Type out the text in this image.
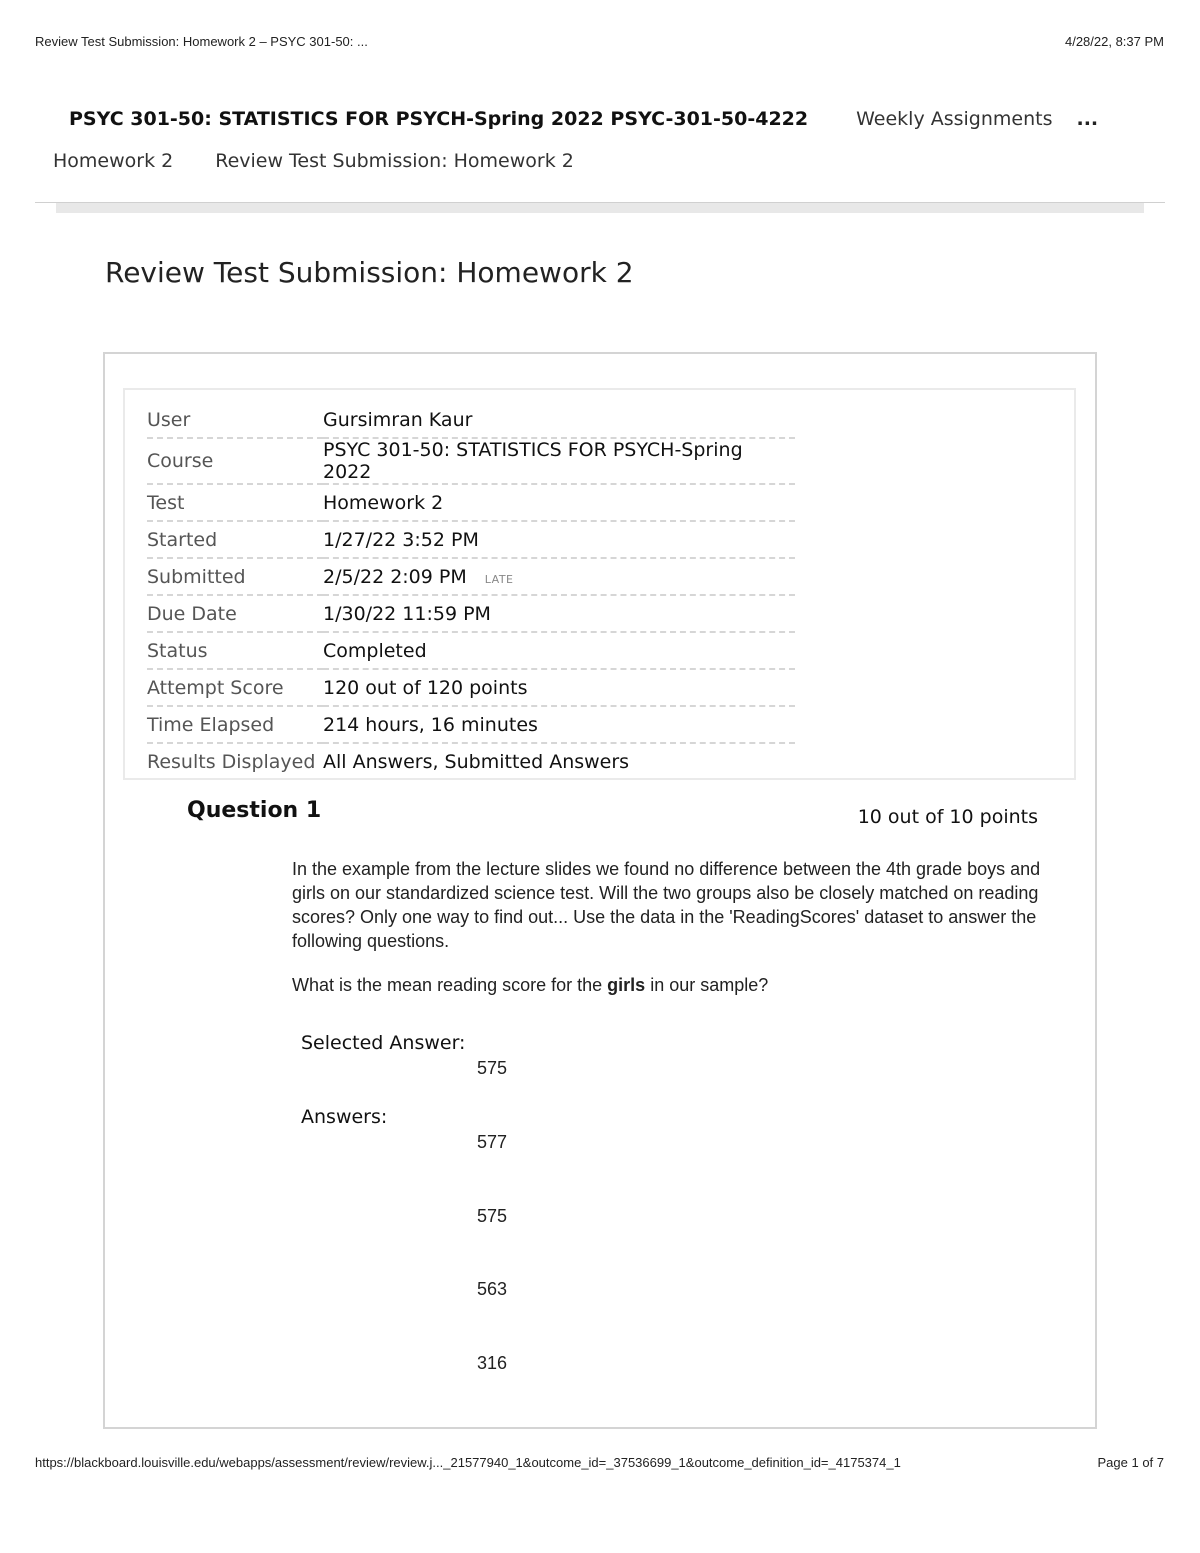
Review Test Submission: Homework 2 – PSYC 301-50: ...	4/28/22, 8:37 PM
PSYC 301-50: STATISTICS FOR PSYCH-Spring 2022 PSYC-301-50-4222	Weekly Assignments ...
Homework 2 Review Test Submission: Homework 2
Review Test Submission: Homework 2
User	Gursimran Kaur
Course	PSYC 301-50: STATISTICS FOR PSYCH-Spring 2022
Test	Homework 2
Started	1/27/22 3:52 PM
Submitted	2/5/22 2:09 PM LATE
Due Date	1/30/22 11:59 PM
Status	Completed
Attempt Score	120 out of 120 points
Time Elapsed	214 hours, 16 minutes
Results Displayed	All Answers, Submitted Answers
Question 1	10 out of 10 points

In the example from the lecture slides we found no difference between the 4th grade boys and girls on our standardized science test. Will the two groups also be closely matched on reading scores? Only one way to find out... Use the data in the 'ReadingScores' dataset to answer the following questions.

What is the mean reading score for the girls in our sample?

Selected Answer:
575
Answers:
577
575
563
316
https://blackboard.louisville.edu/webapps/assessment/review/review.j..._21577940_1&outcome_id=_37536699_1&outcome_definition_id=_4175374_1	Page 1 of 7
